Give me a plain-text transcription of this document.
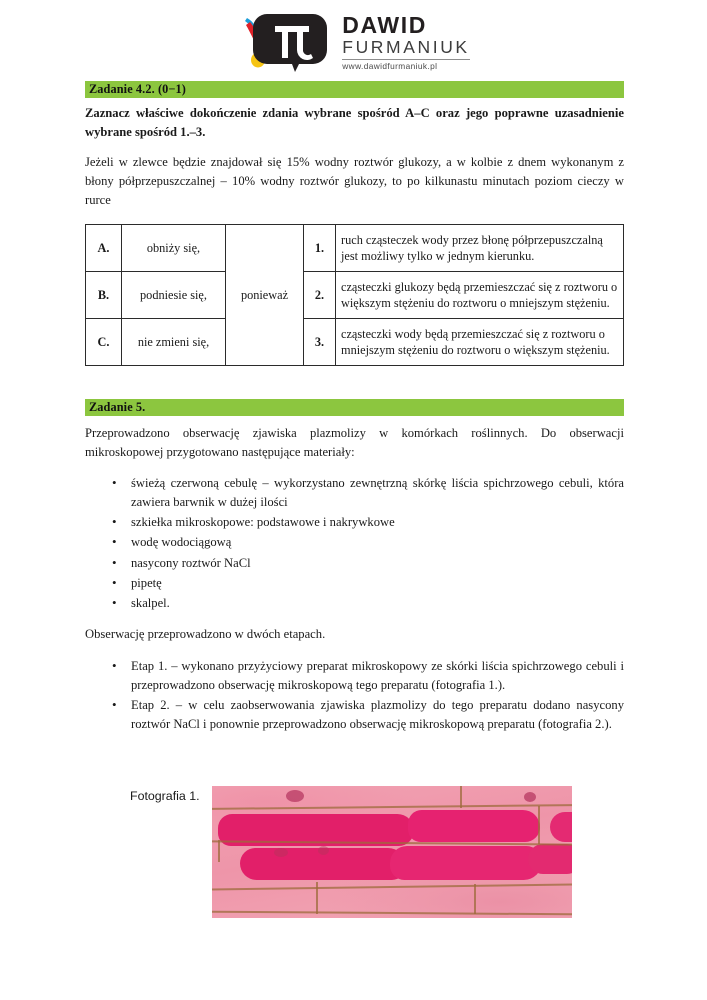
DAWID
FURMANIUK
www.dawidfurmaniuk.pl
Zadanie 4.2. (0−1)
Zaznacz właściwe dokończenie zdania wybrane spośród A–C oraz jego poprawne uzasadnienie wybrane spośród 1.–3.
Jeżeli w zlewce będzie znajdował się 15% wodny roztwór glukozy, a w kolbie z dnem wykonanym z błony półprzepuszczalnej – 10% wodny roztwór glukozy, to po kilkunastu minutach poziom cieczy w rurce
A.	obniży się,	ponieważ	1.	ruch cząsteczek wody przez błonę półprzepuszczalną jest możliwy tylko w jednym kierunku.
B.	podniesie się,		2.	cząsteczki glukozy będą przemieszczać się z roztworu o większym stężeniu do roztworu o mniejszym stężeniu.
C.	nie zmieni się,		3.	cząsteczki wody będą przemieszczać się z roztworu o mniejszym stężeniu do roztworu o większym stężeniu.
Zadanie 5.
Przeprowadzono obserwację zjawiska plazmolizy w komórkach roślinnych. Do obserwacji mikroskopowej przygotowano następujące materiały:
• świeżą czerwoną cebulę – wykorzystano zewnętrzną skórkę liścia spichrzowego cebuli, która zawiera barwnik w dużej ilości
• szkiełka mikroskopowe: podstawowe i nakrywkowe
• wodę wodociągową
• nasycony roztwór NaCl
• pipetę
• skalpel.
Obserwację przeprowadzono w dwóch etapach.
• Etap 1. – wykonano przyżyciowy preparat mikroskopowy ze skórki liścia spichrzowego cebuli i przeprowadzono obserwację mikroskopową tego preparatu (fotografia 1.).
• Etap 2. – w celu zaobserwowania zjawiska plazmolizy do tego preparatu dodano nasycony roztwór NaCl i ponownie przeprowadzono obserwację mikroskopową preparatu (fotografia 2.).
Fotografia 1.
